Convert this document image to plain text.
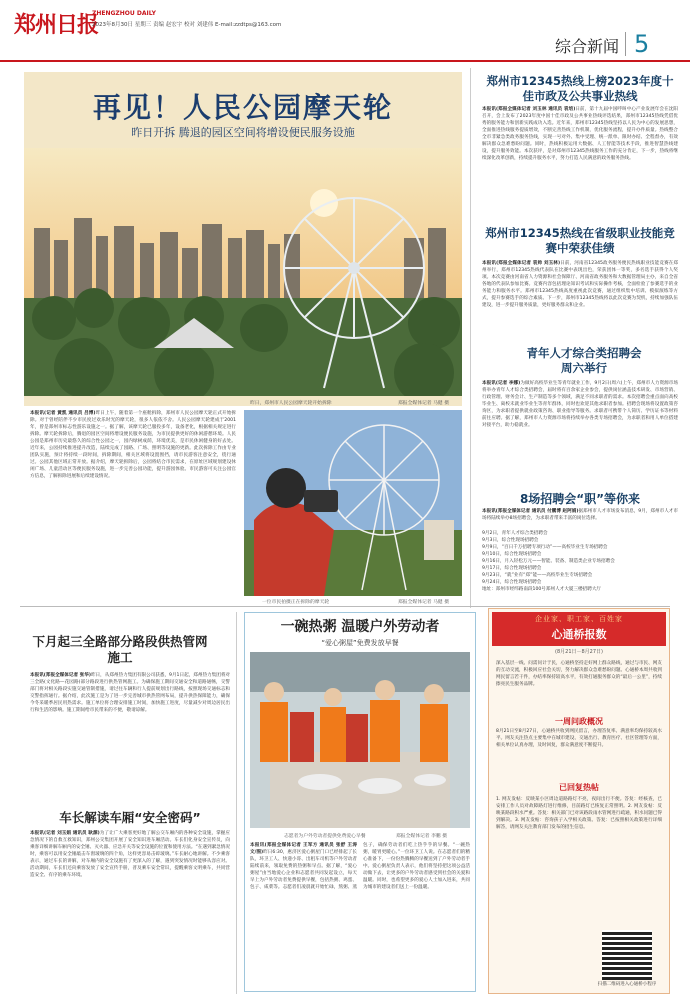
郑州日报
ZHENGZHOU DAILY
2023年8月30日 星期三 责编 赵宏宇 校对 刘建伟 E-mail:zzdtps@163.com
综合新闻 5
再见！人民公园摩天轮
昨日开拆 腾退的园区空间将增设便民服务设施
昨日，郑州市人民公园摩天轮开始拆除	郑报全媒体记者 马健 摄
本报讯(记者 黄凯 通讯员 吕博)昨日上午，随着第一个座舱拆除，郑州市人民公园摩天轮正式开始拆除。对于曾经陪伴不少市民度过欢乐时光的摩天轮，很多人依依不舍。人民公园摩天轮建成于2001年，曾是郑州市标志性游乐设施之一。据了解，该摩天轮已服役多年，设备老化，根据相关规定进行拆除。摩天轮拆除后，腾退的园区空间将增设便民服务设施，为市民提供更好的休闲游憩环境。人民公园是郑州市历史最悠久的综合性公园之一，园内绿树成荫，环境优美，是市民休闲健身的好去处。近年来，公园持续推进提升改造，陆续完成了园路、广场、照明等设施的更新。此次拆除工作由专业团队实施，预计将持续一段时间，拆除期间，相关区域将设置围挡，请市民游客注意安全，绕行通过。公园其他区域正常开放。据介绍，摩天轮拆除后，公园将结合市民需求，在原址区域规划建设休闲广场、儿童活动区等便民服务设施，进一步完善公园功能，提升游园体验。市民游客可关注公园官方信息，了解拆除进展和后续建设情况。
一位市民拍摄正在拆除的摩天轮	郑报全媒体记者 马健 摄
郑州市12345热线上榜2023年度十佳市政及公共事业热线
本报讯(郑报全媒体记者 刘玉林 通讯员 袁培)日前，第十九届中国呼叫中心产业发展年会在沈阳召开，会上发布了2023年度中国十佳市政及公共事业热线评选结果，郑州市12345热线凭借优秀的服务能力和创新实践成功入选。近年来，郑州市12345热线坚持以人民为中心的发展思想，全面推进热线服务提质增效，不断完善热线工作机制，优化服务流程，提升办件质量。热线整合全市非紧急类政务服务热线，实现一号对外、集中受理、统一派单、限时办结、全程督办，有效解决群众急难愁盼问题。同时，热线积极运用大数据、人工智能等技术手段，推进智慧热线建设，提升服务效能。本次获评，是对郑州市12345热线服务工作的充分肯定，下一步，热线将继续深化改革创新，持续提升服务水平，努力打造人民满意的政务服务热线。
郑州市12345热线在省级职业技能竞赛中荣获佳绩
本报讯(郑报全媒体记者 袁帅 刘玉林)日前，河南省12345政务服务便民热线职业技能竞赛在郑州举行，郑州市12345热线代表队在比赛中表现出色，荣获团体一等奖，多名选手获得个人奖项。本次竞赛由河南省人力资源和社会保障厅、河南省政务服务和大数据管理局主办，来自全省各地的代表队参加比赛。竞赛内容包括理论知识考试和实际操作考核，全面检验了参赛选手的业务能力和服务水平。郑州市12345热线高度重视此次竞赛，通过组织集中培训、模拟演练等方式，提升参赛选手的综合素质。下一步，郑州市12345热线将以此次竞赛为契机，持续加强队伍建设，进一步提升服务质量，更好服务群众和企业。
青年人才综合类招聘会周六举行
本报讯(记者 李娜)为做好高校毕业生等青年就业工作，9月2日(周六)上午，郑州市人力资源市场将举办青年人才综合类招聘会，届时将有百余家企业参会，提供岗位涵盖技术研发、市场营销、行政管理、财务会计、生产制造等多个领域，满足不同求职者的需求。本次招聘会重点面向高校毕业生、离校未就业毕业生等青年群体，同时也欢迎其他求职者参加。招聘会现场将设置政策咨询区，为求职者提供就业政策咨询、职业指导等服务。求职者可携带个人简历、学历证书等材料前往应聘。据了解，郑州市人力资源市场将持续举办各类专场招聘会，为求职者和用人单位搭建对接平台，助力稳就业。
8场招聘会“职”等你来
本报讯(郑报全媒体记者 通讯员 付鹏博 赵阿娟)据郑州市人才市场发布消息，9月，郑州市人才市场将陆续举办8场招聘会，为求职者带来丰富的岗位选择。
9月2日，青年人才综合类招聘会
9月3日，综合性现场招聘会
9月9日，“百日千万招聘专项行动”——高校毕业生专场招聘会
9月10日，综合性现场招聘会
9月16日，月入轻松万元——智能、装备、制造类企业专场招聘会
9月17日，综合性现场招聘会
9月23日，“就”业有“郑”能——高校毕业生专场招聘会
9月24日，综合性现场招聘会
地址：郑州市经纬路南段100号郑州人才大厦三楼招聘大厅
下月起三全路部分路段供热管网施工
本报讯(郑报全媒体记者 张华)昨日，从郑州热力集团有限公司获悉，9月1日起，郑州热力集团将对三全路(文化路—花园路)部分路段进行供热管网施工。为确保施工期间交通安全和道路通畅，交警部门将对相关路段实施交通管制措施，请过往车辆和行人提前规划出行路线，按照现场交通标志和交警指挥通行。据介绍，此次施工是为了进一步完善城市供热管网布局，提升供热保障能力，确保今冬采暖季居民用热需求。施工单位将合理安排施工时间，加快施工进度，尽量减少对周边居民出行和生活的影响。施工期间给市民带来的不便，敬请谅解。
车长解读车厢“安全密码”
本报讯(记者 刘玉娟 通讯员 耿源)为了让广大乘客更好地了解公交车厢内的各种安全设施，掌握应急情况下的自救互救知识，郑州公交集团开展了安全知识进车厢活动。车长们化身安全宣传员，向乘客详细讲解车厢内的安全锤、灭火器、应急开关等安全设施的位置和使用方法。“在遇到紧急情况时，乘客可以用安全锤敲击车窗玻璃的四个角，这样更容易击碎玻璃。”车长耐心地讲解。不少乘客表示，通过车长的讲解，对车厢内的安全设施有了更深入的了解，遇到突发情况时能够从容应对。活动期间，车长们还向乘客发放了安全宣传手册，普及乘车安全常识，提醒乘客文明乘车，共同营造安全、有序的乘车环境。
一碗热粥 温暖户外劳动者
“爱心粥屋”免费发放早餐
志愿者为户外劳动者提供免费爱心早餐	郑报全媒体记者 李鹏 摄
本报讯(郑报全媒体记者 王军方 通讯员 张舒 王涛 文/图)昨日6:30，惠济区爱心粥屋门口已经排起了长队，环卫工人、快递小哥、出租车司机等户外劳动者陆续前来，领取免费的热粥和早点。据了解，“爱心粥屋”由当地爱心企业和志愿者共同发起设立，每天早上为户外劳动者免费提供早餐，包括热粥、鸡蛋、包子、咸菜等。志愿者们凌晨就开始忙碌，熬粥、蒸包子，确保劳动者们吃上热乎乎的早餐。“一碗热粥，暖胃更暖心。”一位环卫工人说。在志愿者们的精心准备下，一份份热腾腾的早餐送到了户外劳动者手中。爱心粥屋负责人表示，他们将坚持把这项公益活动做下去，让更多的户外劳动者感受到社会的关爱和温暖。同时，也希望更多的爱心人士加入进来，共同为城市的建设者们送上一份温暖。
企业家、职工家、百姓家
心通桥报数
(8月21日－8月27日)
深入基层一线、问需问计于民，心通桥坚持走好网上群众路线，通过与市民、网友的互动交流，积极回应社会关切，努力解决群众急难愁盼问题。心通桥本周共收到网民留言若干件，办结率保持较高水平，有效打通服务群众的“最后一公里”，持续擦亮民生服务品牌。
一周问政概况
8月21日至8月27日，心通桥共收到网民留言，办理答复率、满意率均保持较高水平。网友关注热点主要集中在城市建设、交通出行、教育医疗、社区管理等方面，相关单位认真办理，及时回复，群众满意度不断提升。
已回复热帖
1. 网友发帖：反映某小区周边道路路灯不亮，夜间出行不便。答复：经核查，已安排工作人员对故障路灯进行维修，目前路灯已恢复正常照明。2. 网友发帖：反映某路段积水严重。答复：相关部门已对该路段雨水管网进行疏通，积水问题已得到解决。3. 网友发帖：咨询孩子入学相关政策。答复：已按照相关政策进行详细解答，请网友关注教育部门发布的招生信息。
扫描二维码进入心通桥小程序
